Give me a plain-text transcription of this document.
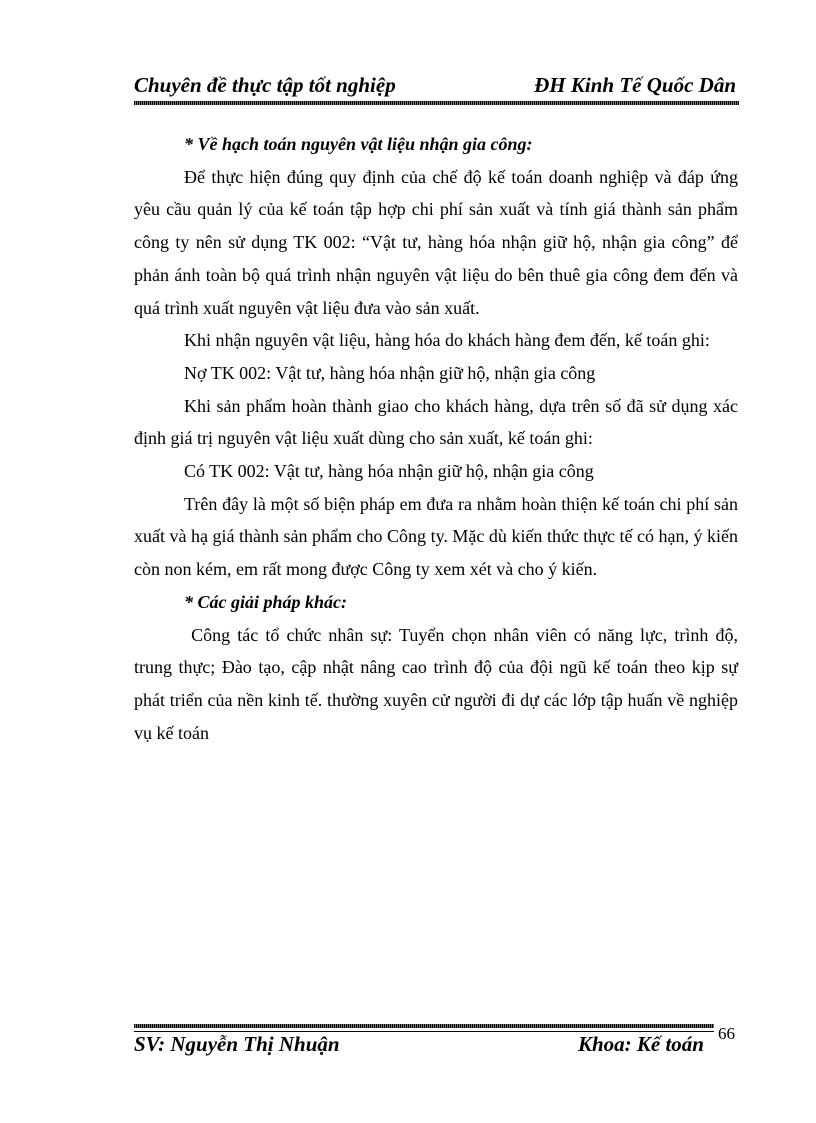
Chuyên đề thực tập tốt nghiệp	ĐH Kinh Tế Quốc Dân

* Về hạch toán nguyên vật liệu nhận gia công:

Để thực hiện đúng quy định của chế độ kế toán doanh nghiệp và đáp ứng yêu cầu quản lý của kế toán tập hợp chi phí sản xuất và tính giá thành sản phẩm công ty nên sử dụng TK 002: “Vật tư, hàng hóa nhận giữ hộ, nhận gia công” để phản ánh toàn bộ quá trình nhận nguyên vật liệu do bên thuê gia công đem đến và quá trình xuất nguyên vật liệu đưa vào sản xuất.

Khi nhận nguyên vật liệu, hàng hóa do khách hàng đem đến, kế toán ghi:

Nợ TK 002: Vật tư, hàng hóa nhận giữ hộ, nhận gia công

Khi sản phẩm hoàn thành giao cho khách hàng, dựa trên số đã sử dụng xác định giá trị nguyên vật liệu xuất dùng cho sản xuất, kế toán ghi:

Có TK 002: Vật tư, hàng hóa nhận giữ hộ, nhận gia công

Trên đây là một số biện pháp em đưa ra nhằm hoàn thiện kế toán chi phí sản xuất và hạ giá thành sản phẩm cho Công ty. Mặc dù kiến thức thực tế có hạn, ý kiến còn non kém, em rất mong được Công ty xem xét và cho ý kiến.

* Các giải pháp khác:

Công tác tổ chức nhân sự: Tuyển chọn nhân viên có năng lực, trình độ, trung thực; Đào tạo, cập nhật nâng cao trình độ của đội ngũ kế toán theo kịp sự phát triển của nền kinh tế. thường xuyên cử người đi dự các lớp tập huấn về nghiệp vụ kế toán

66
SV: Nguyễn Thị Nhuận	Khoa: Kế toán
